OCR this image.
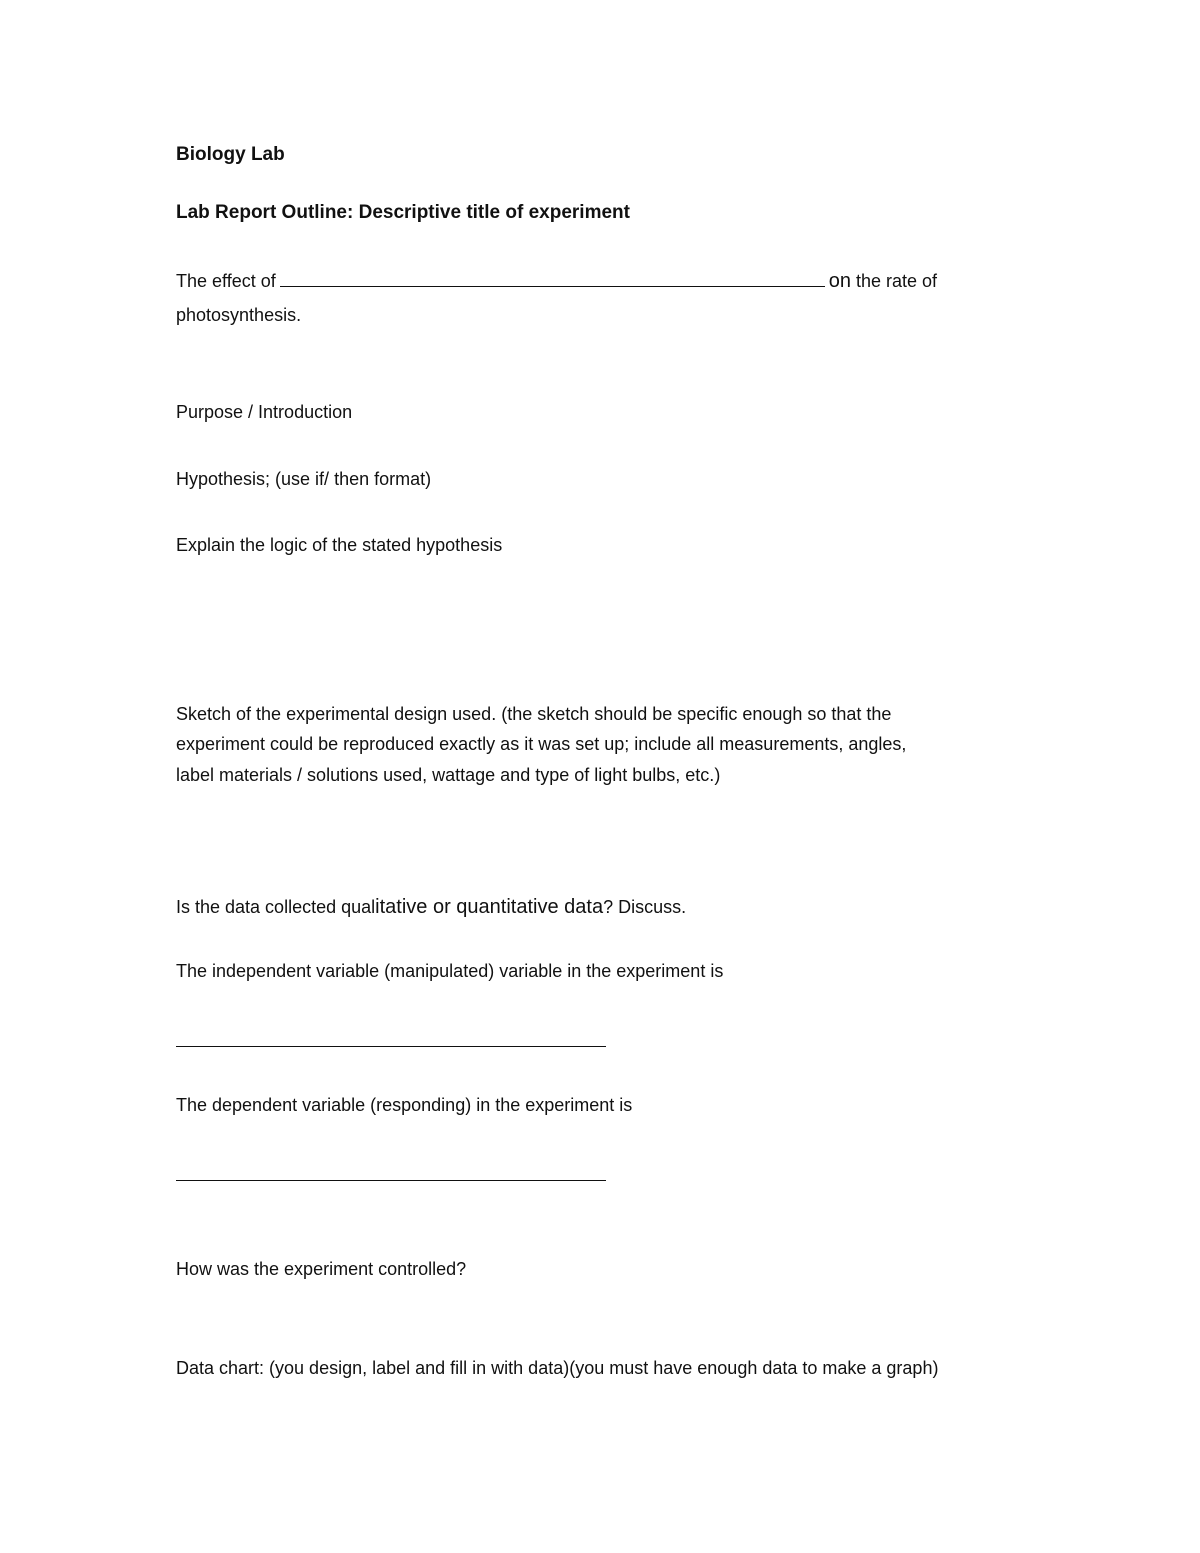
Biology Lab
Lab Report Outline: Descriptive title of experiment
The effect of	on the rate of
photosynthesis.
Purpose / Introduction
Hypothesis; (use if/ then format)
Explain the logic of the stated hypothesis
Sketch of the experimental design used. (the sketch should be specific enough so that the
experiment could be reproduced exactly as it was set up; include all measurements, angles,
label materials / solutions used, wattage and type of light bulbs, etc.)
Is the data collected qualitative or quantitative data? Discuss.
The independent variable (manipulated) variable in the experiment is
The dependent variable (responding) in the experiment is
How was the experiment controlled?
Data chart: (you design, label and fill in with data)(you must have enough data to make a graph)
